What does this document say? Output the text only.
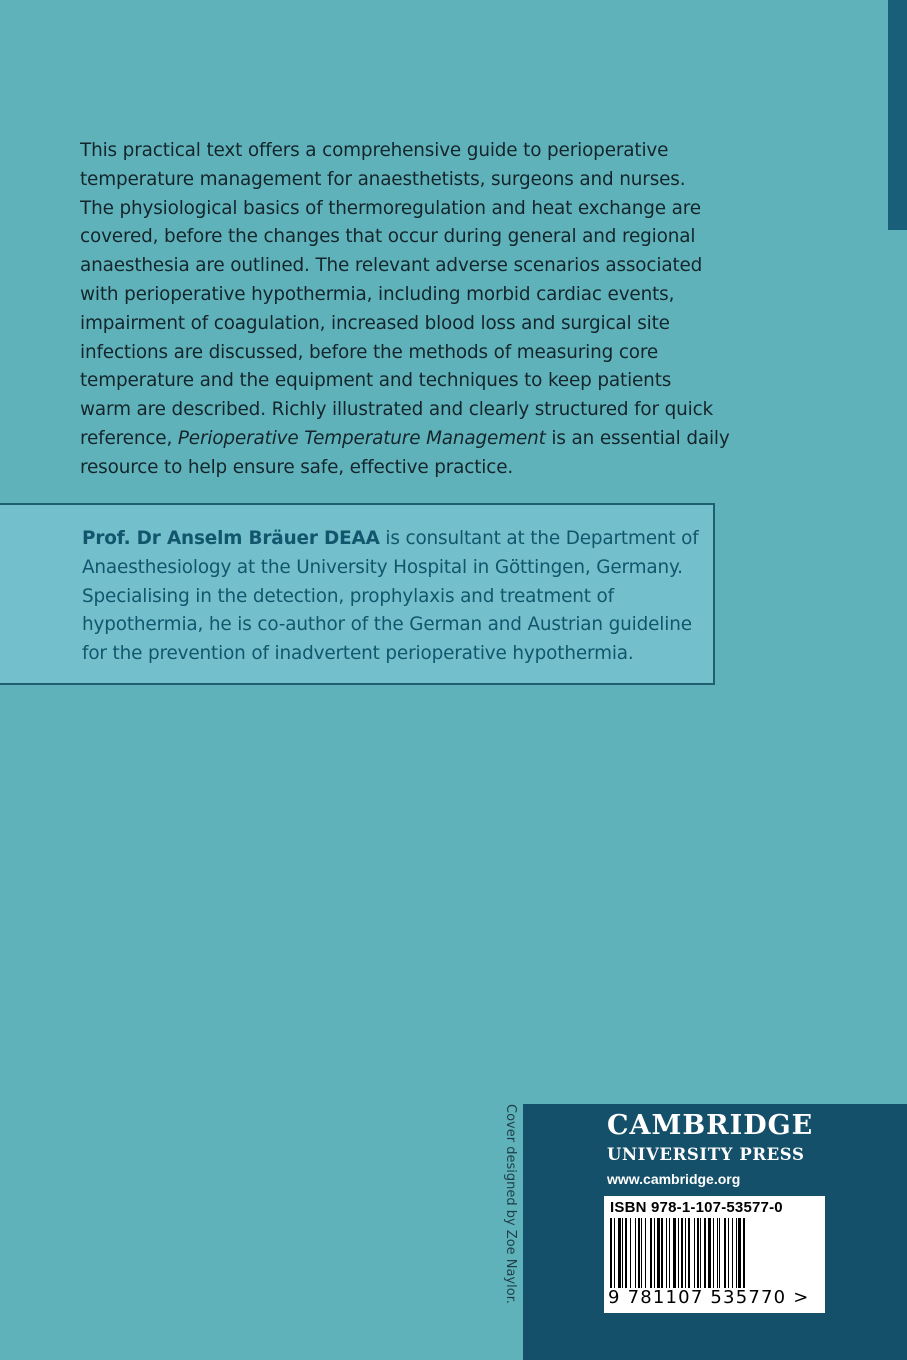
This practical text offers a comprehensive guide to perioperative
temperature management for anaesthetists, surgeons and nurses.
The physiological basics of thermoregulation and heat exchange are
covered, before the changes that occur during general and regional
anaesthesia are outlined. The relevant adverse scenarios associated
with perioperative hypothermia, including morbid cardiac events,
impairment of coagulation, increased blood loss and surgical site
infections are discussed, before the methods of measuring core
temperature and the equipment and techniques to keep patients
warm are described. Richly illustrated and clearly structured for quick
reference, Perioperative Temperature Management is an essential daily
resource to help ensure safe, effective practice.
Prof. Dr Anselm Bräuer DEAA is consultant at the Department of
Anaesthesiology at the University Hospital in Göttingen, Germany.
Specialising in the detection, prophylaxis and treatment of
hypothermia, he is co-author of the German and Austrian guideline
for the prevention of inadvertent perioperative hypothermia.
Cover designed by Zoe Naylor.	CAMBRIDGE
UNIVERSITY PRESS
www.cambridge.org
ISBN 978-1-107-53577-0
9 781107 535770 >
